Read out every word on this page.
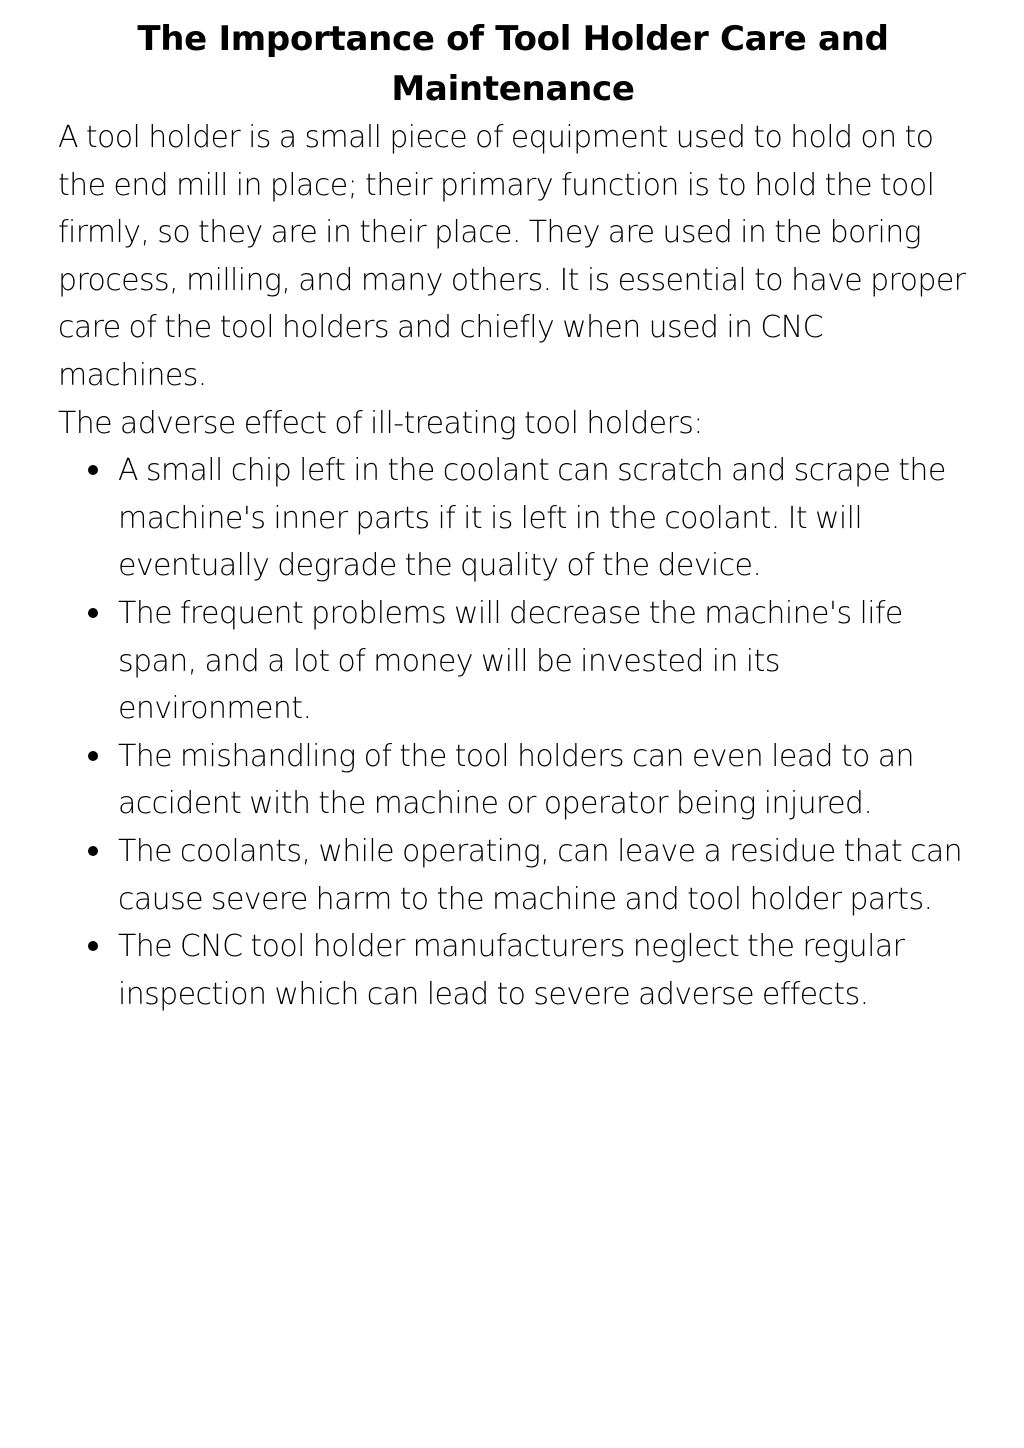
The Importance of Tool Holder Care and Maintenance

A tool holder is a small piece of equipment used to hold on to the end mill in place; their primary function is to hold the tool firmly, so they are in their place. They are used in the boring process, milling, and many others. It is essential to have proper care of the tool holders and chiefly when used in CNC machines.

The adverse effect of ill-treating tool holders:

A small chip left in the coolant can scratch and scrape the machine's inner parts if it is left in the coolant. It will eventually degrade the quality of the device.
The frequent problems will decrease the machine's life span, and a lot of money will be invested in its environment.
The mishandling of the tool holders can even lead to an accident with the machine or operator being injured.
The coolants, while operating, can leave a residue that can cause severe harm to the machine and tool holder parts.
The CNC tool holder manufacturers neglect the regular inspection which can lead to severe adverse effects.
